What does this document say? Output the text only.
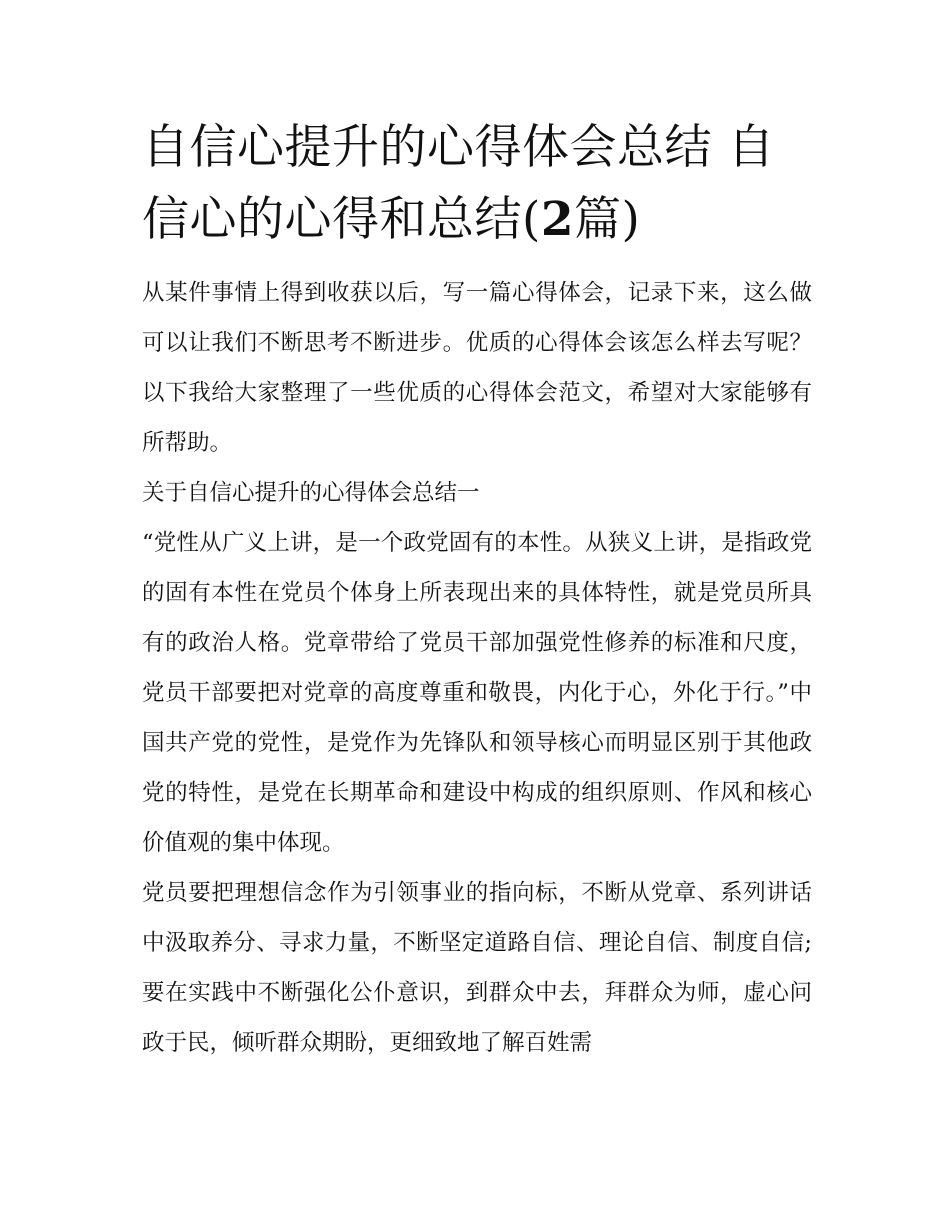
自信心提升的心得体会总结 自信心的心得和总结(2篇)

从某件事情上得到收获以后，写一篇心得体会，记录下来，这么做可以让我们不断思考不断进步。优质的心得体会该怎么样去写呢？以下我给大家整理了一些优质的心得体会范文，希望对大家能够有所帮助。

关于自信心提升的心得体会总结一

“党性从广义上讲，是一个政党固有的本性。从狭义上讲，是指政党的固有本性在党员个体身上所表现出来的具体特性，就是党员所具有的政治人格。党章带给了党员干部加强党性修养的标准和尺度，党员干部要把对党章的高度尊重和敬畏，内化于心，外化于行。”中国共产党的党性，是党作为先锋队和领导核心而明显区别于其他政党的特性，是党在长期革命和建设中构成的组织原则、作风和核心价值观的集中体现。

党员要把理想信念作为引领事业的指向标，不断从党章、系列讲话中汲取养分、寻求力量，不断坚定道路自信、理论自信、制度自信;要在实践中不断强化公仆意识，到群众中去，拜群众为师，虚心问政于民，倾听群众期盼，更细致地了解百姓需
